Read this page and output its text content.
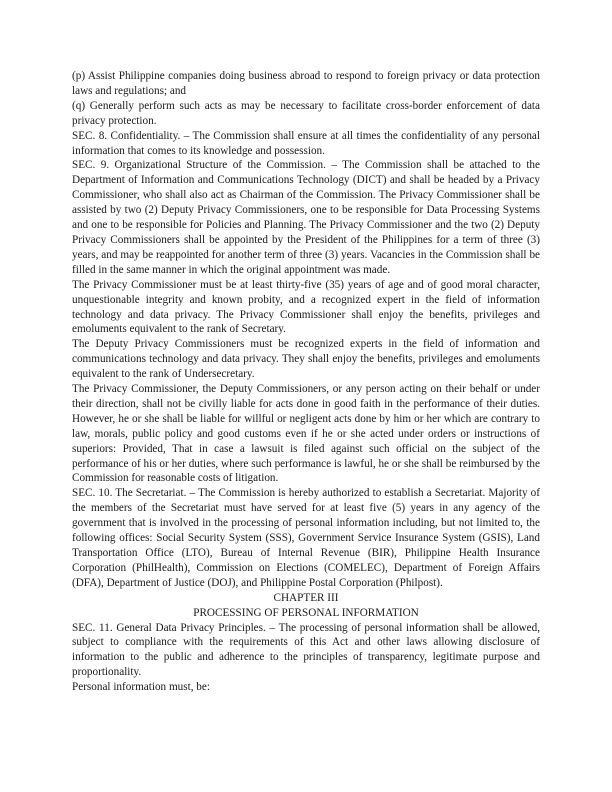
(p) Assist Philippine companies doing business abroad to respond to foreign privacy or data protection laws and regulations; and

(q) Generally perform such acts as may be necessary to facilitate cross-border enforcement of data privacy protection.

SEC. 8. Confidentiality. – The Commission shall ensure at all times the confidentiality of any personal information that comes to its knowledge and possession.

SEC. 9. Organizational Structure of the Commission. – The Commission shall be attached to the Department of Information and Communications Technology (DICT) and shall be headed by a Privacy Commissioner, who shall also act as Chairman of the Commission. The Privacy Commissioner shall be assisted by two (2) Deputy Privacy Commissioners, one to be responsible for Data Processing Systems and one to be responsible for Policies and Planning. The Privacy Commissioner and the two (2) Deputy Privacy Commissioners shall be appointed by the President of the Philippines for a term of three (3) years, and may be reappointed for another term of three (3) years. Vacancies in the Commission shall be filled in the same manner in which the original appointment was made.

The Privacy Commissioner must be at least thirty-five (35) years of age and of good moral character, unquestionable integrity and known probity, and a recognized expert in the field of information technology and data privacy. The Privacy Commissioner shall enjoy the benefits, privileges and emoluments equivalent to the rank of Secretary.

The Deputy Privacy Commissioners must be recognized experts in the field of information and communications technology and data privacy. They shall enjoy the benefits, privileges and emoluments equivalent to the rank of Undersecretary.

The Privacy Commissioner, the Deputy Commissioners, or any person acting on their behalf or under their direction, shall not be civilly liable for acts done in good faith in the performance of their duties. However, he or she shall be liable for willful or negligent acts done by him or her which are contrary to law, morals, public policy and good customs even if he or she acted under orders or instructions of superiors: Provided, That in case a lawsuit is filed against such official on the subject of the performance of his or her duties, where such performance is lawful, he or she shall be reimbursed by the Commission for reasonable costs of litigation.

SEC. 10. The Secretariat. – The Commission is hereby authorized to establish a Secretariat. Majority of the members of the Secretariat must have served for at least five (5) years in any agency of the government that is involved in the processing of personal information including, but not limited to, the following offices: Social Security System (SSS), Government Service Insurance System (GSIS), Land Transportation Office (LTO), Bureau of Internal Revenue (BIR), Philippine Health Insurance Corporation (PhilHealth), Commission on Elections (COMELEC), Department of Foreign Affairs (DFA), Department of Justice (DOJ), and Philippine Postal Corporation (Philpost).

CHAPTER III

PROCESSING OF PERSONAL INFORMATION

SEC. 11. General Data Privacy Principles. – The processing of personal information shall be allowed, subject to compliance with the requirements of this Act and other laws allowing disclosure of information to the public and adherence to the principles of transparency, legitimate purpose and proportionality.

Personal information must, be:
